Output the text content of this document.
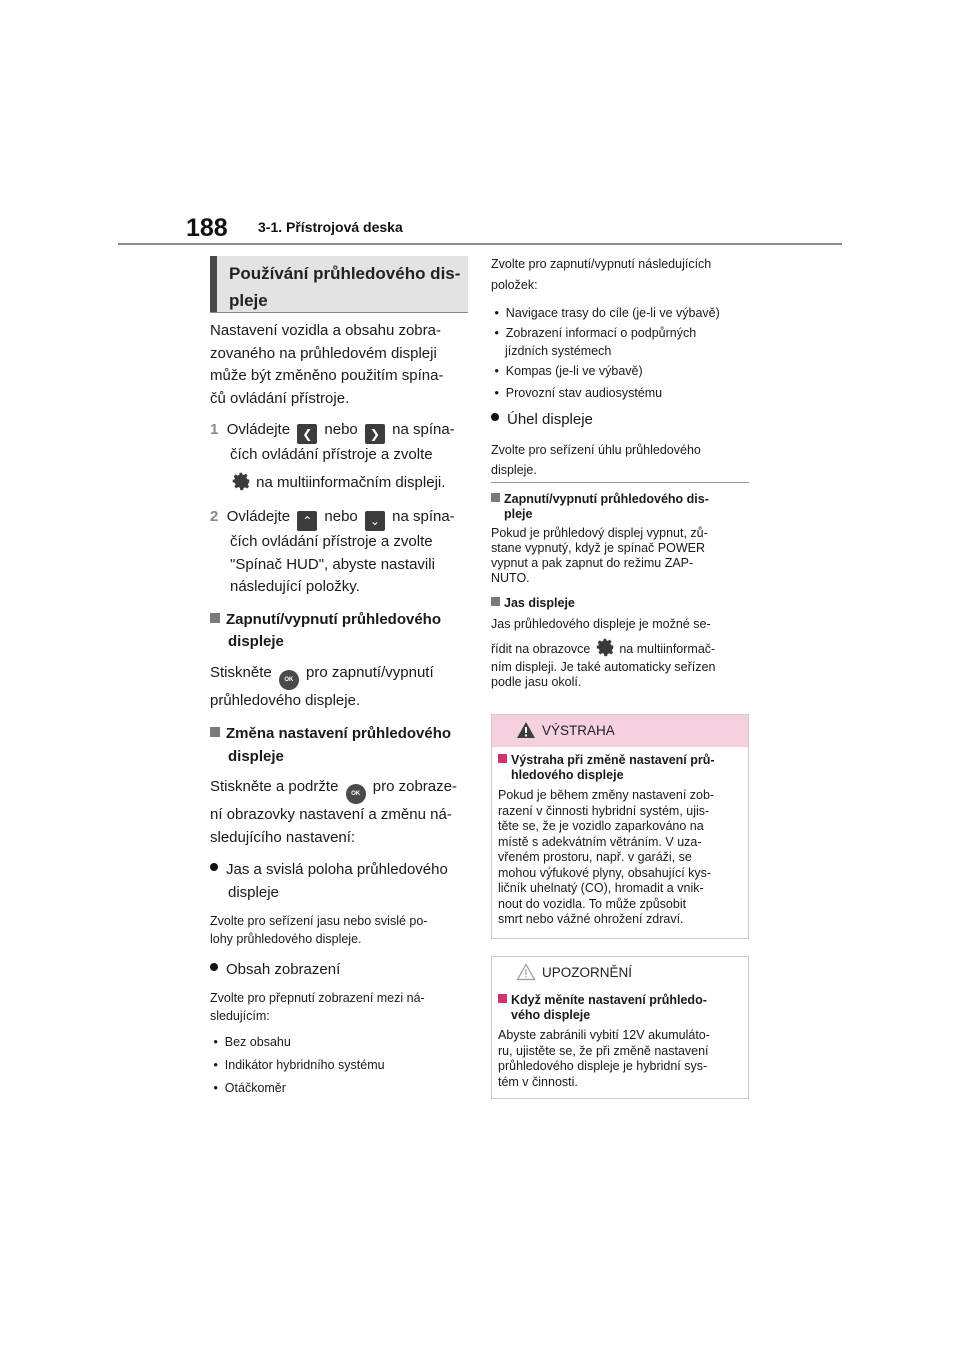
188 3-1. Přístrojová deska
Používání průhledového dis-
pleje

Nastavení vozidla a obsahu zobra-

zovaného na průhledovém displeji

může být změněno použitím spína-

čů ovládání přístroje.

1 Ovládejte ❮ nebo ❯ na spína-

čích ovládání přístroje a zvolte

na multiinformačním displeji.

2 Ovládejte ⌃ nebo ⌄ na spína-

čích ovládání přístroje a zvolte

"Spínač HUD", abyste nastavili

následující položky.

Zapnutí/vypnutí průhledového

displeje

Stiskněte OK pro zapnutí/vypnutí

průhledového displeje.

Změna nastavení průhledového

displeje

Stiskněte a podržte OK pro zobraze-

ní obrazovky nastavení a změnu ná-

sledujícího nastavení:

Jas a svislá poloha průhledového

displeje

Zvolte pro seřízení jasu nebo svislé po-

lohy průhledového displeje.

Obsah zobrazení

Zvolte pro přepnutí zobrazení mezi ná-

sledujícím:

•  Bez obsahu

•  Indikátor hybridního systému

•  Otáčkoměr

Zvolte pro zapnutí/vypnutí následujících

položek:

•  Navigace trasy do cíle (je-li ve výbavě)

•  Zobrazení informací o podpůrných

jízdních systémech

•  Kompas (je-li ve výbavě)

•  Provozní stav audiosystému

Úhel displeje

Zvolte pro seřízení úhlu průhledového

displeje.

Zapnutí/vypnutí průhledového dis-

pleje

Pokud je průhledový displej vypnut, zů-

stane vypnutý, když je spínač POWER

vypnut a pak zapnut do režimu ZAP-

NUTO.

Jas displeje

Jas průhledového displeje je možné se-

řídit na obrazovce na multiinformač-

ním displeji. Je také automaticky seřízen

podle jasu okolí.

VÝSTRAHA

Výstraha při změně nastavení prů-

hledového displeje

Pokud je během změny nastavení zob-

razení v činnosti hybridní systém, ujis-

těte se, že je vozidlo zaparkováno na

místě s adekvátním větráním. V uza-

vřeném prostoru, např. v garáži, se

mohou výfukové plyny, obsahující kys-

ličník uhelnatý (CO), hromadit a vnik-

nout do vozidla. To může způsobit

smrt nebo vážné ohrožení zdraví.

UPOZORNĚNÍ

Když měníte nastavení průhledo-

vého displeje

Abyste zabránili vybití 12V akumuláto-

ru, ujistěte se, že při změně nastavení

průhledového displeje je hybridní sys-

tém v činnosti.
